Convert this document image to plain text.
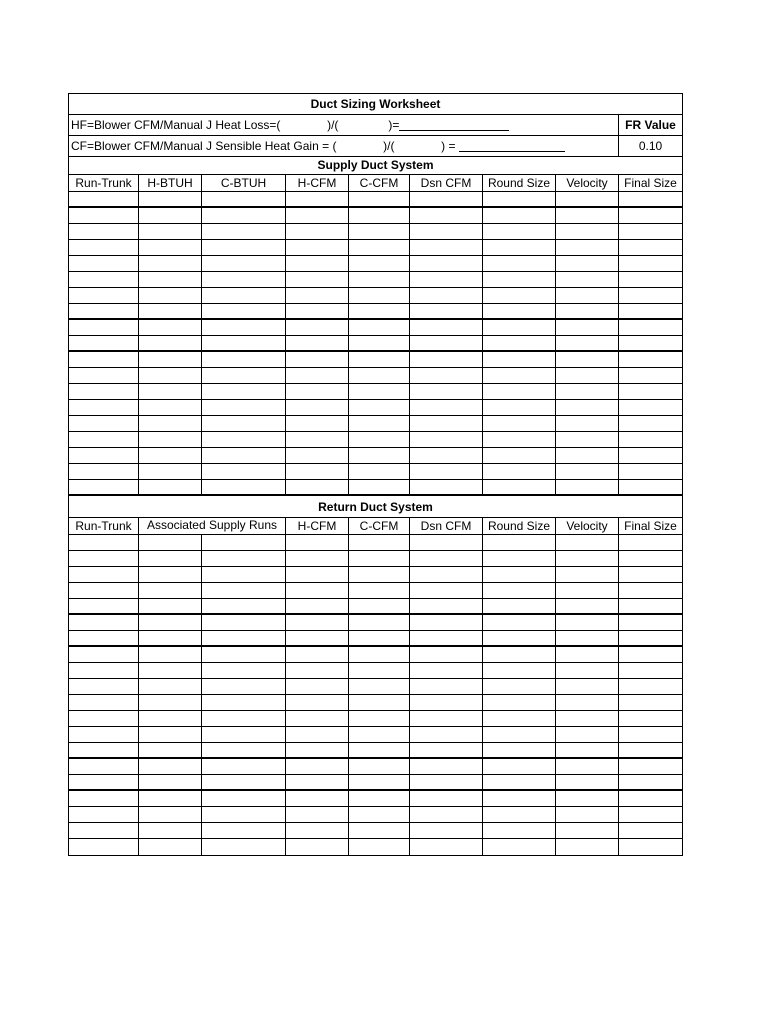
Duct Sizing Worksheet
HF=Blower CFM/Manual J Heat Loss=(              )/(               )=	FR Value
CF=Blower CFM/Manual J Sensible Heat Gain = (              )/(              ) =	0.10
Supply Duct System
Run-Trunk	H-BTUH	C-BTUH	H-CFM	C-CFM	Dsn CFM	Round Size	Velocity	Final Size
Return Duct System
Run-Trunk	Associated Supply Runs	H-CFM	C-CFM	Dsn CFM	Round Size	Velocity	Final Size
